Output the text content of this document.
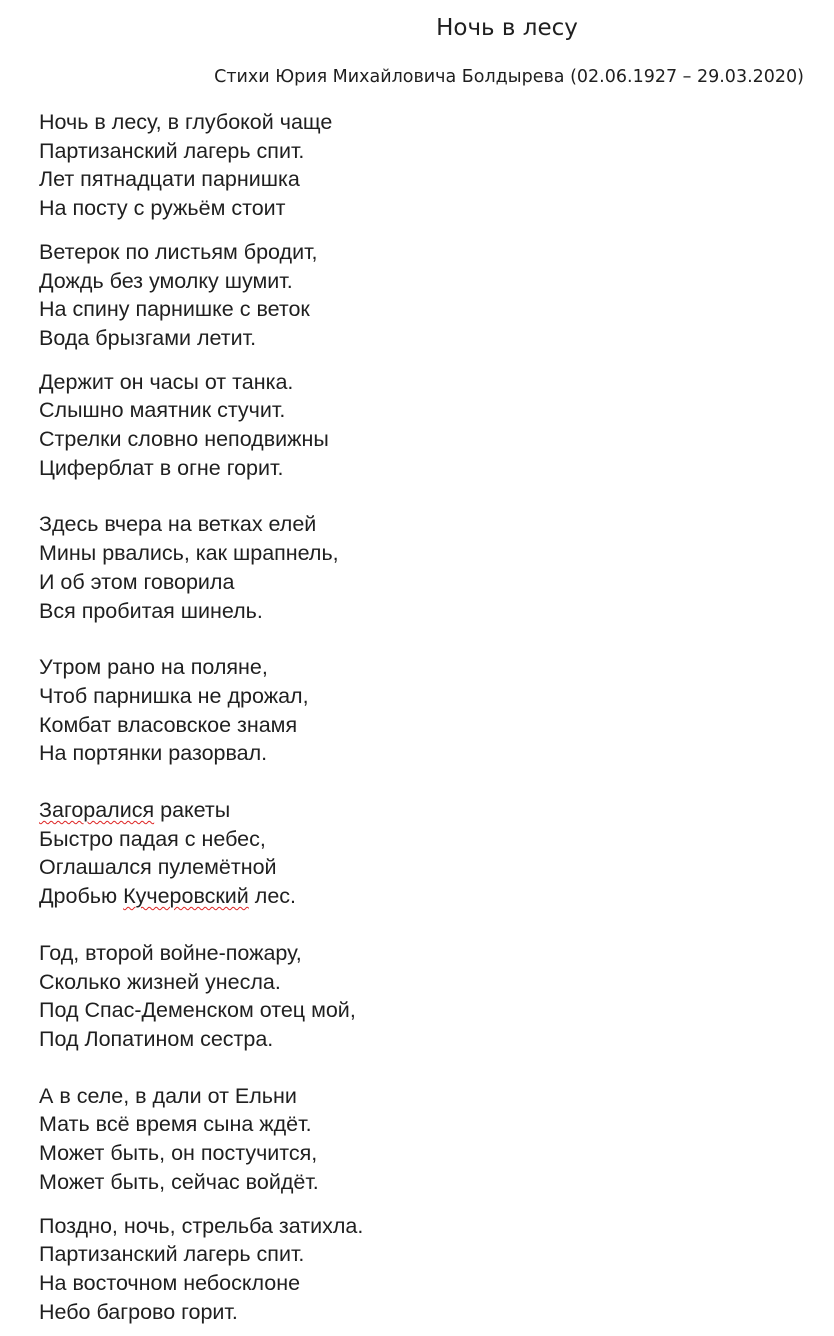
Ночь в лесу
Стихи Юрия Михайловича Болдырева (02.06.1927 – 29.03.2020)
Ночь в лесу, в глубокой чаще
Партизанский лагерь спит.
Лет пятнадцати парнишка
На посту с ружьём стоит
Ветерок по листьям бродит,
Дождь без умолку шумит.
На спину парнишке с веток
Вода брызгами летит.
Держит он часы от танка.
Слышно маятник стучит.
Стрелки словно неподвижны
Циферблат в огне горит.
Здесь вчера на ветках елей
Мины рвались, как шрапнель,
И об этом говорила
Вся пробитая шинель.
Утром рано на поляне,
Чтоб парнишка не дрожал,
Комбат власовское знамя
На портянки разорвал.
Загоралися ракеты
Быстро падая с небес,
Оглашался пулемётной
Дробью Кучеровский лес.
Год, второй войне-пожару,
Сколько жизней унесла.
Под Спас-Деменском отец мой,
Под Лопатином сестра.
А в селе, в дали от Ельни
Мать всё время сына ждёт.
Может быть, он постучится,
Может быть, сейчас войдёт.
Поздно, ночь, стрельба затихла.
Партизанский лагерь спит.
На восточном небосклоне
Небо багрово горит.
